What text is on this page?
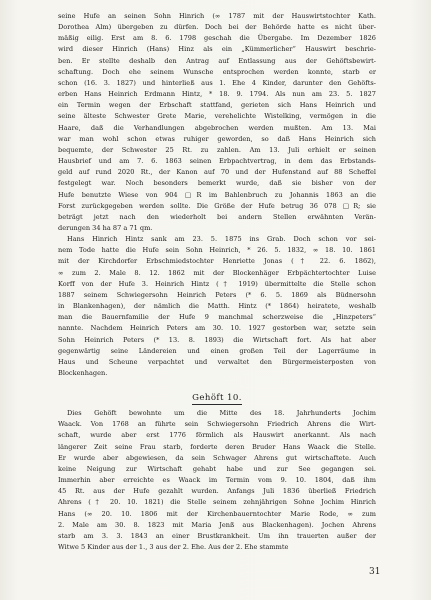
seine Hufe an seinen Sohn Hinrich (∞ 1787 mit der Hauswirtstochter Kath.
Dorothea Alm) übergeben zu dürfen. Doch bei der Behörde hatte es nicht über-
mäßig eilig. Erst am 8. 6. 1798 geschah die Übergabe. Im Dezember 1826
wird dieser Hinrich (Hans) Hinz als ein „Kümmerlicher“ Hauswirt beschrie-
ben. Er stellte deshalb den Antrag auf Entlassung aus der Gehöftsbewirt-
schaftung. Doch ehe seinem Wunsche entsprochen werden konnte, starb er
schon (16. 3. 1827) und hinterließ aus 1. Ehe 4 Kinder, darunter den Gehöfts-
erben Hans Heinrich Erdmann Hintz, * 18. 9. 1794. Als nun am 23. 5. 1827
ein Termin wegen der Erbschaft stattfand, gerieten sich Hans Heinrich und
seine älteste Schwester Grete Marie, verehelichte Wistelking, vermögen in die
Haare, daß die Verhandlungen abgebrochen werden mußten. Am 13. Mai
war man wohl schon etwas ruhiger geworden, so daß Hans Heinrich sich
bequemte, der Schwester 25 Rt. zu zahlen. Am 13. Juli erhielt er seinen
Hausbrief und am 7. 6. 1863 seinen Erbpachtvertrag, in dem das Erbstands-
geld auf rund 2020 Rt., der Kanon auf 70 und der Hufenstand auf 88 Scheffel
festgelegt war. Noch besonders bemerkt wurde, daß sie bisher von der
Hufe benutzte Wiese von 904 □R im Bahlenbruch zu Johannis 1863 an die
Forst zurückgegeben werden sollte. Die Größe der Hufe betrug 36 078 □R; sie
beträgt jetzt nach den wiederholt bei andern Stellen erwähnten Verän-
derungen 34 ha 87 a 71 qm.
Hans Hinrich Hintz sank am 23. 5. 1875 ins Grab. Doch schon vor sei-
nem Tode hatte die Hufe sein Sohn Heinrich, * 26. 5. 1832, ∞ 18. 10. 1861
mit der Kirchdorfer Erbschmiedstochter Henriette Jonas († 22. 6. 1862),
∞ zum 2. Male 8. 12. 1862 mit der Blockenhäger Erbpächtertochter Luise
Korff von der Hufe 3. Heinrich Hintz († 1919) übermittelte die Stelle schon
1887 seinem Schwiegersohn Heinrich Peters (* 6. 5. 1869 als Büdnersohn
in Blankenhagen), der nämlich die Matth. Hintz (* 1864) heiratete, weshalb
man die Bauernfamilie der Hufe 9 manchmal scherzweise die „Hinzpeters“
nannte. Nachdem Heinrich Peters am 30. 10. 1927 gestorben war, setzte sein
Sohn Heinrich Peters (* 13. 8. 1893) die Wirtschaft fort. Als hat aber
gegenwärtig seine Ländereien und einen großen Teil der Lagerräume in
Haus und Scheune verpachtet und verwaltet den Bürgermeisterposten von
Blockenhagen.
Gehöft 10.
Dies Gehöft bewohnte um die Mitte des 18. Jahrhunderts Jochim
Waack. Von 1768 an führte sein Schwiegersohn Friedrich Ahrens die Wirt-
schaft, wurde aber erst 1776 förmlich als Hauswirt anerkannt. Als nach
längerer Zeit seine Frau starb, forderte deren Bruder Hans Waack die Stelle.
Er wurde aber abgewiesen, da sein Schwager Ahrens gut wirtschaftete. Auch
keine Neigung zur Wirtschaft gehabt habe und zur See gegangen sei.
Immerhin aber erreichte es Waack im Termin vom 9. 10. 1804, daß ihm
45 Rt. aus der Hufe gezahlt wurden. Anfangs Juli 1836 überließ Friedrich
Ahrens († 20. 10. 1821) die Stelle seinem zehnjährigen Sohne Jochim Hinrich
Hans (∞ 20. 10. 1806 mit der Kirchenbauerntochter Marie Rode, ∞ zum
2. Male am 30. 8. 1823 mit Maria Jenß aus Blackenhagen). Jochen Ahrens
starb am 3. 3. 1843 an einer Brustkrankheit. Um ihn trauerten außer der
Witwe 5 Kinder aus der 1., 3 aus der 2. Ehe. Aus der 2. Ehe stammte
31
